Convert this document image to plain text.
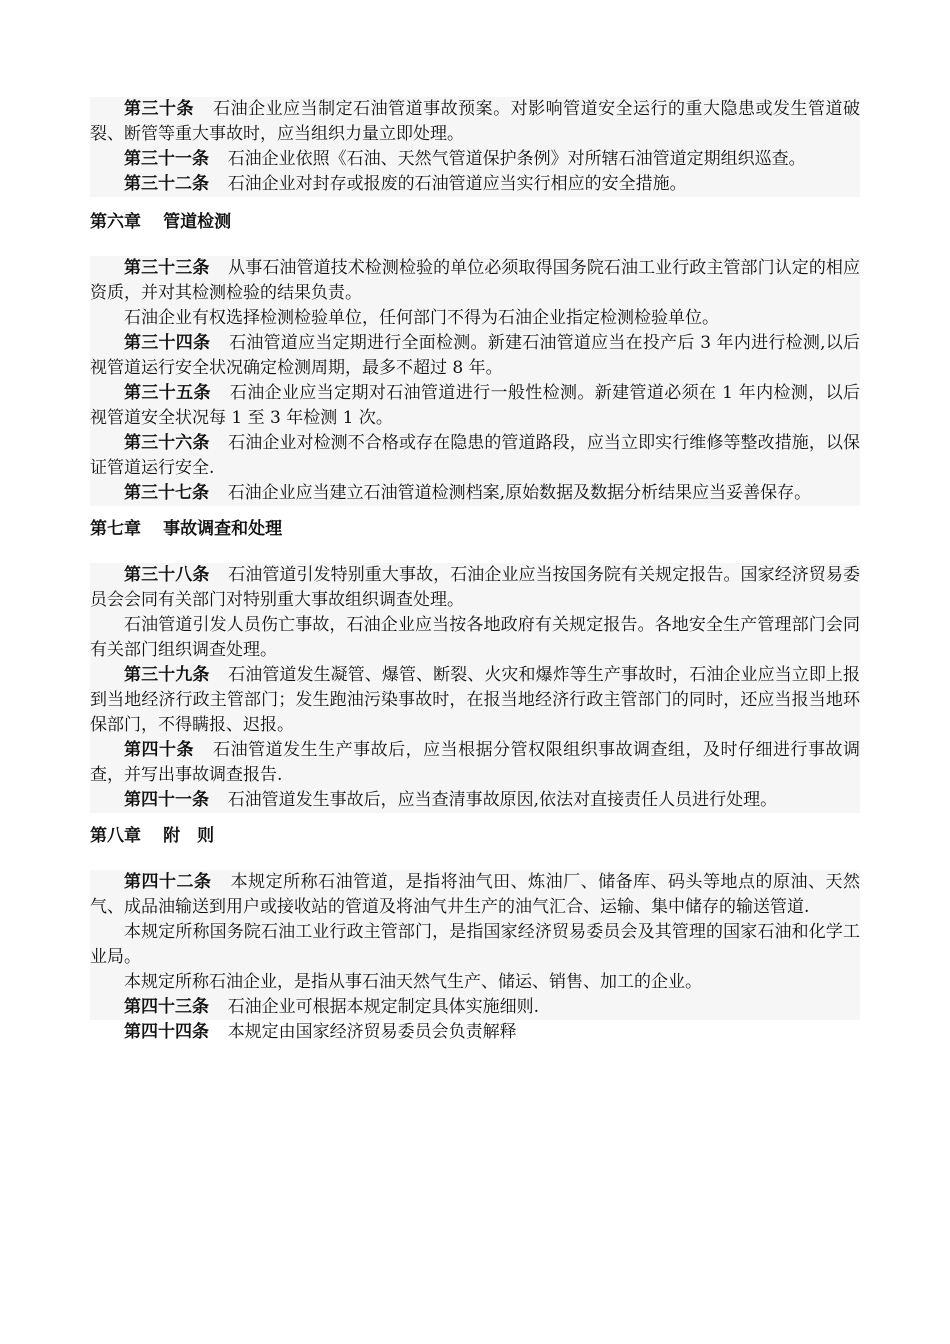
第三十条 石油企业应当制定石油管道事故预案。对影响管道安全运行的重大隐患或发生管道破裂、断管等重大事故时，应当组织力量立即处理。

第三十一条 石油企业依照《石油、天然气管道保护条例》对所辖石油管道定期组织巡查。

第三十二条 石油企业对封存或报废的石油管道应当实行相应的安全措施。

第六章 管道检测

第三十三条 从事石油管道技术检测检验的单位必须取得国务院石油工业行政主管部门认定的相应资质，并对其检测检验的结果负责。

石油企业有权选择检测检验单位，任何部门不得为石油企业指定检测检验单位。

第三十四条 石油管道应当定期进行全面检测。新建石油管道应当在投产后 3 年内进行检测,以后视管道运行安全状况确定检测周期，最多不超过 8 年。

第三十五条 石油企业应当定期对石油管道进行一般性检测。新建管道必须在 1 年内检测，以后视管道安全状况每 1 至 3 年检测 1 次。

第三十六条 石油企业对检测不合格或存在隐患的管道路段，应当立即实行维修等整改措施，以保证管道运行安全.

第三十七条 石油企业应当建立石油管道检测档案,原始数据及数据分析结果应当妥善保存。

第七章 事故调查和处理

第三十八条 石油管道引发特别重大事故，石油企业应当按国务院有关规定报告。国家经济贸易委员会会同有关部门对特别重大事故组织调查处理。

石油管道引发人员伤亡事故，石油企业应当按各地政府有关规定报告。各地安全生产管理部门会同有关部门组织调查处理。

第三十九条 石油管道发生凝管、爆管、断裂、火灾和爆炸等生产事故时，石油企业应当立即上报到当地经济行政主管部门；发生跑油污染事故时，在报当地经济行政主管部门的同时，还应当报当地环保部门，不得瞒报、迟报。

第四十条 石油管道发生生产事故后，应当根据分管权限组织事故调查组，及时仔细进行事故调查，并写出事故调查报告.

第四十一条 石油管道发生事故后，应当查清事故原因,依法对直接责任人员进行处理。

第八章 附　则

第四十二条 本规定所称石油管道，是指将油气田、炼油厂、储备库、码头等地点的原油、天然气、成品油输送到用户或接收站的管道及将油气井生产的油气汇合、运输、集中储存的输送管道.

本规定所称国务院石油工业行政主管部门，是指国家经济贸易委员会及其管理的国家石油和化学工业局。

本规定所称石油企业，是指从事石油天然气生产、储运、销售、加工的企业。

第四十三条 石油企业可根据本规定制定具体实施细则.

第四十四条 本规定由国家经济贸易委员会负责解释
